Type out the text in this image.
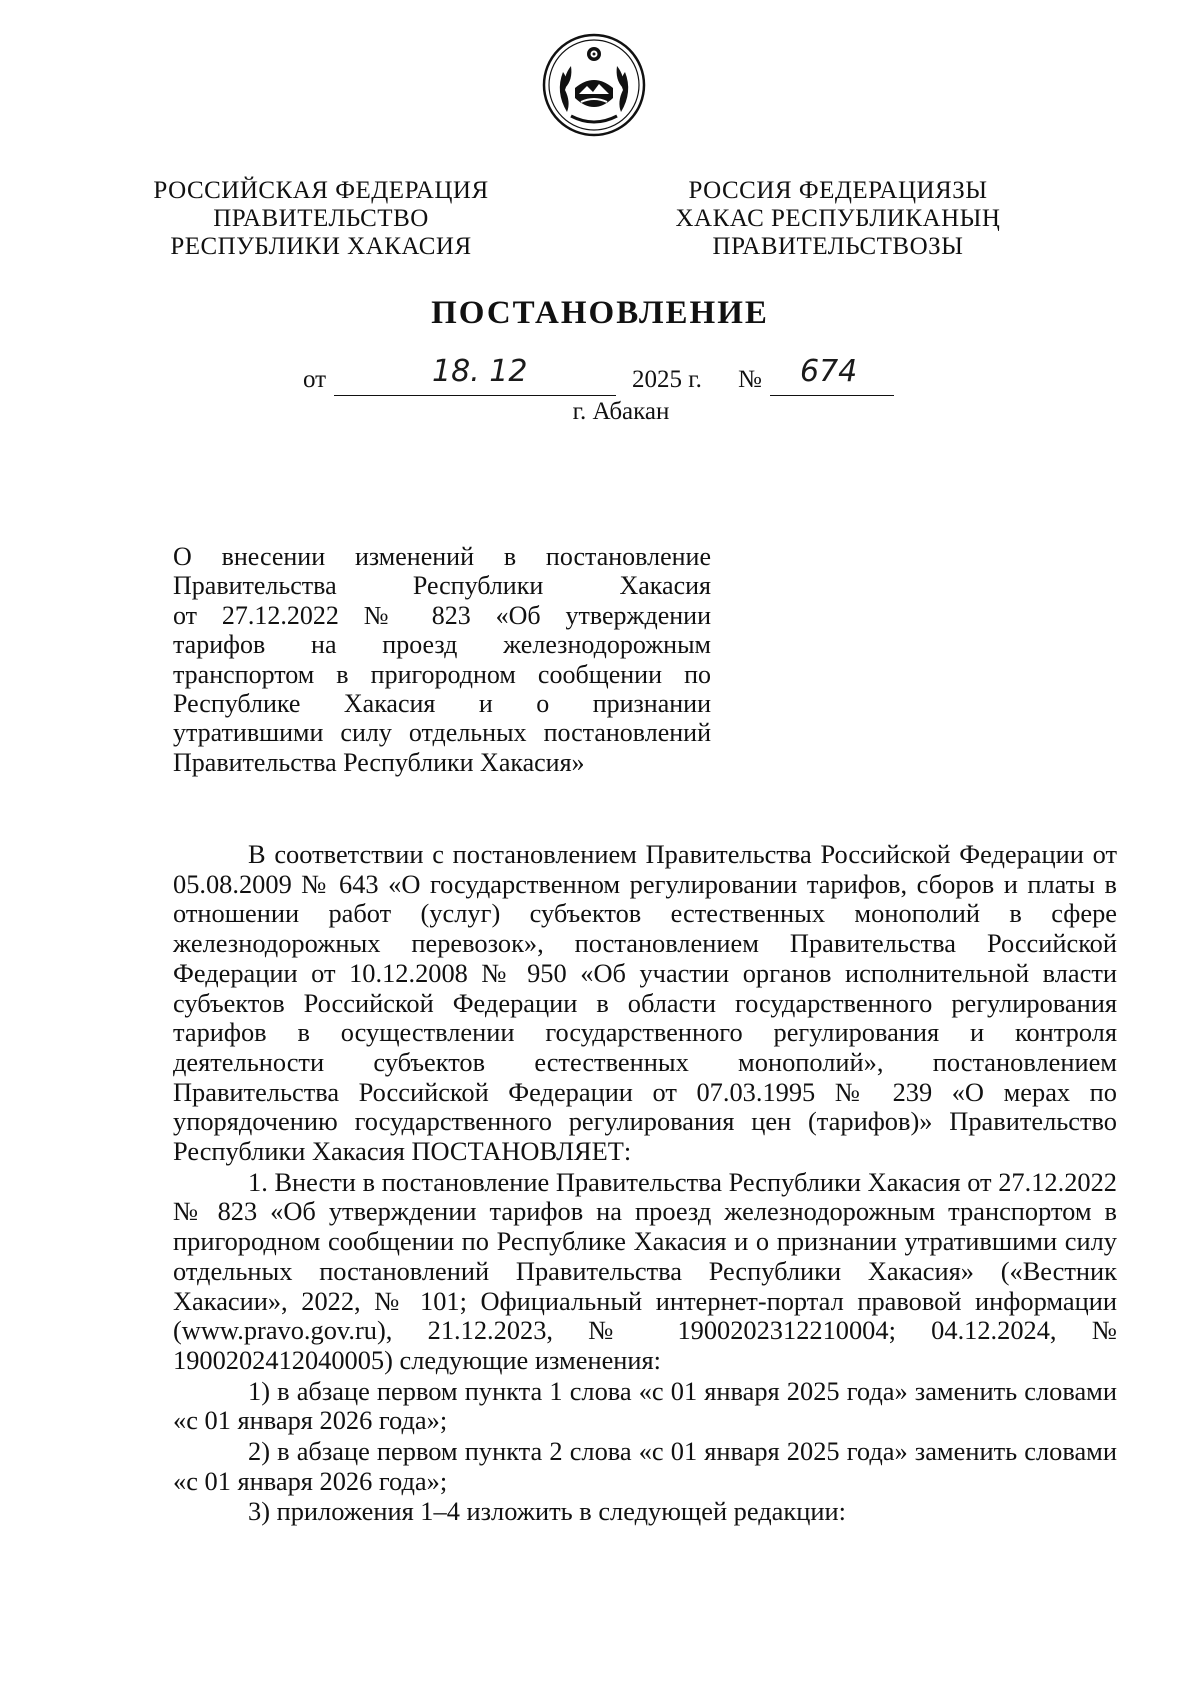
РОССИЙСКАЯ ФЕДЕРАЦИЯ
ПРАВИТЕЛЬСТВО
РЕСПУБЛИКИ ХАКАСИЯ
РОССИЯ ФЕДЕРАЦИЯЗЫ
ХАКАС РЕСПУБЛИКАНЫҢ
ПРАВИТЕЛЬСТВОЗЫ
ПОСТАНОВЛЕНИЕ
от	18. 12	2025 г. № 674
г. Абакан
О внесении изменений в постановление
Правительства Республики Хакасия
от 27.12.2022 № 823 «Об утверждении
тарифов на проезд железнодорожным
транспортом в пригородном сообщении по
Республике Хакасия и о признании
утратившими силу отдельных постановлений
Правительства Республики Хакасия»

В соответствии с постановлением Правительства Российской Федерации от 05.08.2009 № 643 «О государственном регулировании тарифов, сборов и платы в отношении работ (услуг) субъектов естественных монополий в сфере железнодорожных перевозок», постановлением Правительства Российской Федерации от 10.12.2008 № 950 «Об участии органов исполнительной власти субъектов Российской Федерации в области государственного регулирования тарифов в осуществлении государственного регулирования и контроля деятельности субъектов естественных монополий», постановлением Правительства Российской Федерации от 07.03.1995 № 239 «О мерах по упорядочению государственного регулирования цен (тарифов)» Правительство Республики Хакасия ПОСТАНОВЛЯЕТ:

1. Внести в постановление Правительства Республики Хакасия от 27.12.2022 № 823 «Об утверждении тарифов на проезд железнодорожным транспортом в пригородном сообщении по Республике Хакасия и о признании утратившими силу отдельных постановлений Правительства Республики Хакасия» («Вестник Хакасии», 2022, № 101; Официальный интернет-портал правовой информации (www.pravo.gov.ru), 21.12.2023, № 1900202312210004; 04.12.2024, № 1900202412040005) следующие изменения:

1) в абзаце первом пункта 1 слова «с 01 января 2025 года» заменить словами «с 01 января 2026 года»;

2) в абзаце первом пункта 2 слова «с 01 января 2025 года» заменить словами «с 01 января 2026 года»;

3) приложения 1–4 изложить в следующей редакции:
